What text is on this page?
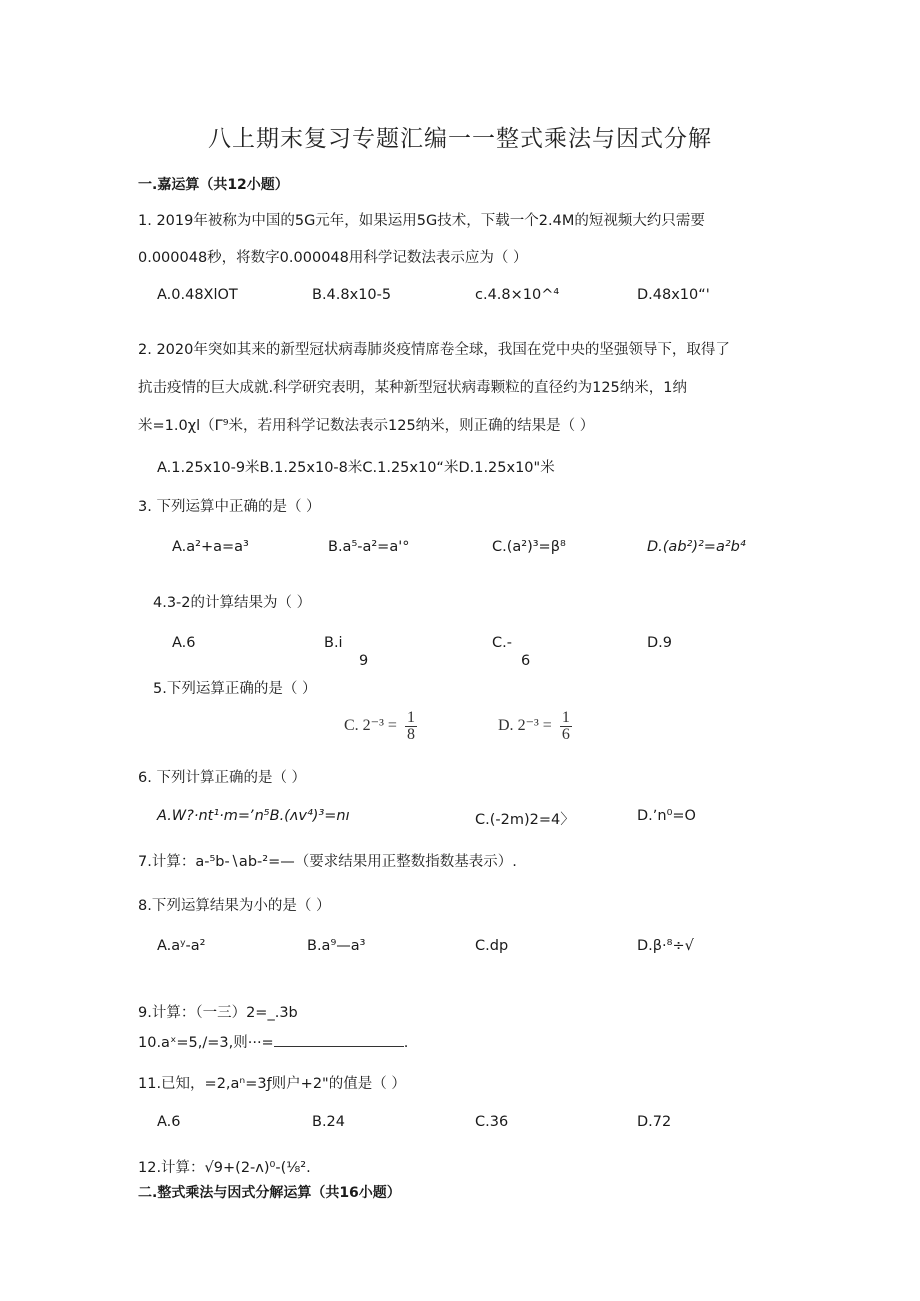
八上期末复习专题汇编一一整式乘法与因式分解
一.嘉运算（共12小题）
1. 2019年被称为中国的5G元年，如果运用5G技术，下载一个2.4M的短视频大约只需要
0.000048秒，将数字0.000048用科学记数法表示应为（ ）
A.0.48XlOT	B.4.8x10-5	c.4.8×10^⁴	D.48x10“'
2. 2020年突如其来的新型冠状病毒肺炎疫情席卷全球，我国在党中央的坚强领导下，取得了
抗击疫情的巨大成就.科学研究表明，某种新型冠状病毒颗粒的直径约为125纳米，1纳
米=1.0χl（Γ⁹米，若用科学记数法表示125纳米，则正确的结果是（ ）
A.1.25x10-9米B.1.25x10-8米C.1.25x10“米D.1.25x10"米
3. 下列运算中正确的是（ ）
A.a²+a=a³	B.a⁵-a²=a'°	C.(a²)³=β⁸	D.(ab²)²=a²b⁴
4.3-2的计算结果为（ ）
A.6	B.i
9
C.-
6
D.9
5.下列运算正确的是（ ）
C. $2^{-3} = \frac{1}{8}$	D. $2^{-3} = \frac{1}{6}$
6. 下列计算正确的是（ ）
A.W?·nt¹·m=ʼn⁵B.(ʌv⁴)³=nı	C.(-2m)2=4〉	D.ʼn⁰=O
7.计算：a-⁵b-∖ab-²=—（要求结果用正整数指数基表示）.
8.下列运算结果为小的是（ ）
A.aʸ-a²	B.a⁹—a³	C.dp	D.β·⁸÷√
9.计算：（一三）2=_.3b
10.aˣ=5,/=3,则···=	.
11.已知，=2,aⁿ=3ƒ则户+2"的值是（ ）
A.6	B.24	C.36	D.72
12.计算：√9+(2-ʌ)⁰-(⅛².
二.整式乘法与因式分解运算（共16小题）
